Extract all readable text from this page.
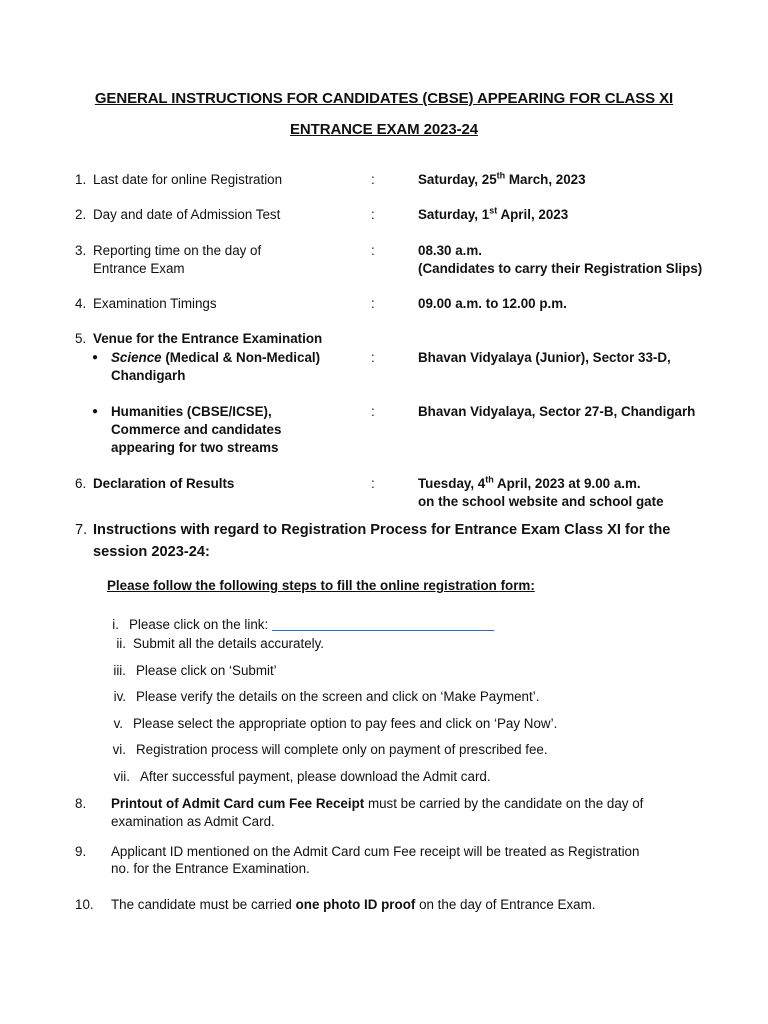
GENERAL INSTRUCTIONS FOR CANDIDATES (CBSE) APPEARING FOR CLASS XI
ENTRANCE EXAM 2023-24
1. Last date for online Registration	:	Saturday, 25th March, 2023
2. Day and date of Admission Test	:	Saturday, 1st April, 2023
3. Reporting time on the day of
Entrance Exam
:	08.30 a.m.
(Candidates to carry their Registration Slips)
4. Examination Timings	:	09.00 a.m. to 12.00 p.m.
5. Venue for the Entrance Examination
● Science (Medical & Non-Medical)
Chandigarh
:	Bhavan Vidyalaya (Junior), Sector 33-D,
● Humanities (CBSE/ICSE),
Commerce and candidates
appearing for two streams
:	Bhavan Vidyalaya, Sector 27-B, Chandigarh
6. Declaration of Results	:	Tuesday, 4th April, 2023 at 9.00 a.m.
on the school website and school gate
7. Instructions with regard to Registration Process for Entrance Exam Class XI for the
session 2023-24:
Please follow the following steps to fill the online registration form:
i. Please click on the link:
ii. Submit all the details accurately.
iii. Please click on ‘Submit’
iv. Please verify the details on the screen and click on ‘Make Payment’.
v. Please select the appropriate option to pay fees and click on ‘Pay Now’.
vi. Registration process will complete only on payment of prescribed fee.
vii. After successful payment, please download the Admit card.
8. Printout of Admit Card cum Fee Receipt must be carried by the candidate on the day of
examination as Admit Card.
9. Applicant ID mentioned on the Admit Card cum Fee receipt will be treated as Registration
no. for the Entrance Examination.
10. The candidate must be carried one photo ID proof on the day of Entrance Exam.
